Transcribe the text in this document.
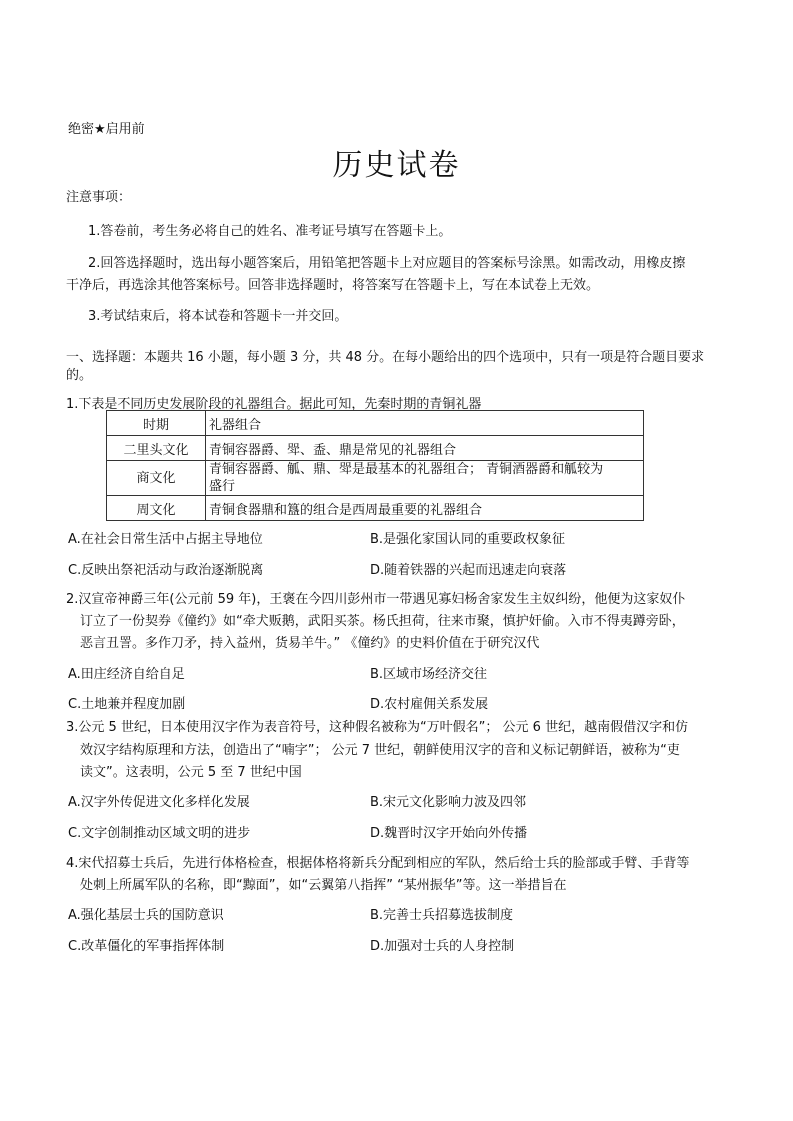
绝密★启用前
历史试卷
注意事项：
1.答卷前，考生务必将自己的姓名、准考证号填写在答题卡上。
2.回答选择题时，选出每小题答案后，用铅笔把答题卡上对应题目的答案标号涂黑。如需改动，用橡皮擦
干净后，再选涂其他答案标号。回答非选择题时，将答案写在答题卡上，写在本试卷上无效。
3.考试结束后，将本试卷和答题卡一并交回。
一、选择题：本题共 16 小题，每小题 3 分，共 48 分。在每小题给出的四个选项中，只有一项是符合题目要求
的。
1.下表是不同历史发展阶段的礼器组合。据此可知，先秦时期的青铜礼器
时期	礼器组合
二里头文化	青铜容器爵、斝、盉、鼎是常见的礼器组合
商文化	青铜容器爵、觚、鼎、斝是最基本的礼器组合； 青铜酒器爵和觚较为
盛行
周文化	青铜食器鼎和簋的组合是西周最重要的礼器组合
A.在社会日常生活中占据主导地位	B.是强化家国认同的重要政权象征
C.反映出祭祀活动与政治逐渐脱离	D.随着铁器的兴起而迅速走向衰落
2.汉宣帝神爵三年(公元前 59 年)，王褒在今四川彭州市一带遇见寡妇杨舍家发生主奴纠纷，他便为这家奴仆
订立了一份契券《僮约》如“牵犬贩鹅，武阳买茶。杨氏担荷，往来市聚，慎护奸偷。入市不得夷蹲旁卧，
恶言丑詈。多作刀矛，持入益州，货易羊牛。” 《僮约》的史料价值在于研究汉代
A.田庄经济自给自足	B.区域市场经济交往
C.土地兼并程度加剧	D.农村雇佣关系发展
3.公元 5 世纪，日本使用汉字作为表音符号，这种假名被称为“万叶假名”； 公元 6 世纪，越南假借汉字和仿
效汉字结构原理和方法，创造出了“喃字”； 公元 7 世纪，朝鲜使用汉字的音和义标记朝鲜语，被称为“吏
读文”。这表明，公元 5 至 7 世纪中国
A.汉字外传促进文化多样化发展	B.宋元文化影响力波及四邻
C.文字创制推动区域文明的进步	D.魏晋时汉字开始向外传播
4.宋代招募士兵后，先进行体格检查，根据体格将新兵分配到相应的军队，然后给士兵的脸部或手臂、手背等
处刺上所属军队的名称，即“黥面”，如“云翼第八指挥” “某州振华”等。这一举措旨在
A.强化基层士兵的国防意识	B.完善士兵招募选拔制度
C.改革僵化的军事指挥体制	D.加强对士兵的人身控制
